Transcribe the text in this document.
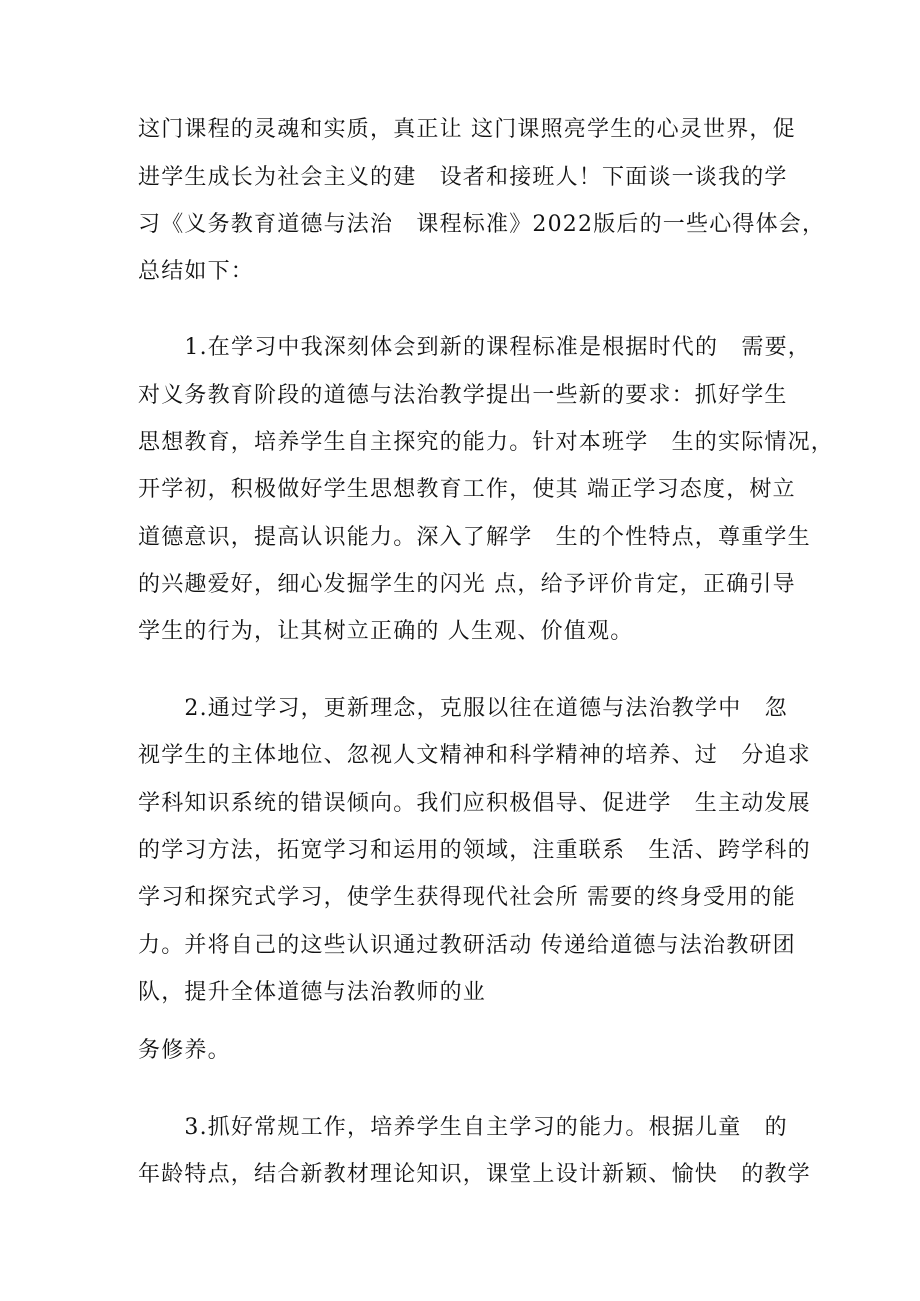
这门课程的灵魂和实质，真正让 这门课照亮学生的心灵世界，促
进学生成长为社会主义的建　设者和接班人！下面谈一谈我的学
习《义务教育道德与法治　课程标准》2022版后的一些心得体会，
总结如下：
　　1.在学习中我深刻体会到新的课程标准是根据时代的　需要，
对义务教育阶段的道德与法治教学提出一些新的要求：抓好学生
思想教育，培养学生自主探究的能力。针对本班学　生的实际情况，
开学初，积极做好学生思想教育工作，使其 端正学习态度，树立
道德意识，提高认识能力。深入了解学　生的个性特点，尊重学生
的兴趣爱好，细心发掘学生的闪光 点，给予评价肯定，正确引导
学生的行为，让其树立正确的 人生观、价值观。
　　2.通过学习，更新理念，克服以往在道德与法治教学中　忽
视学生的主体地位、忽视人文精神和科学精神的培养、过　分追求
学科知识系统的错误倾向。我们应积极倡导、促进学　生主动发展
的学习方法，拓宽学习和运用的领域，注重联系　生活、跨学科的
学习和探究式学习，使学生获得现代社会所 需要的终身受用的能
力。并将自己的这些认识通过教研活动 传递给道德与法治教研团
队，提升全体道德与法治教师的业
务修养。
　　3.抓好常规工作，培养学生自主学习的能力。根据儿童　的
年龄特点，结合新教材理论知识，课堂上设计新颖、愉快　的教学
